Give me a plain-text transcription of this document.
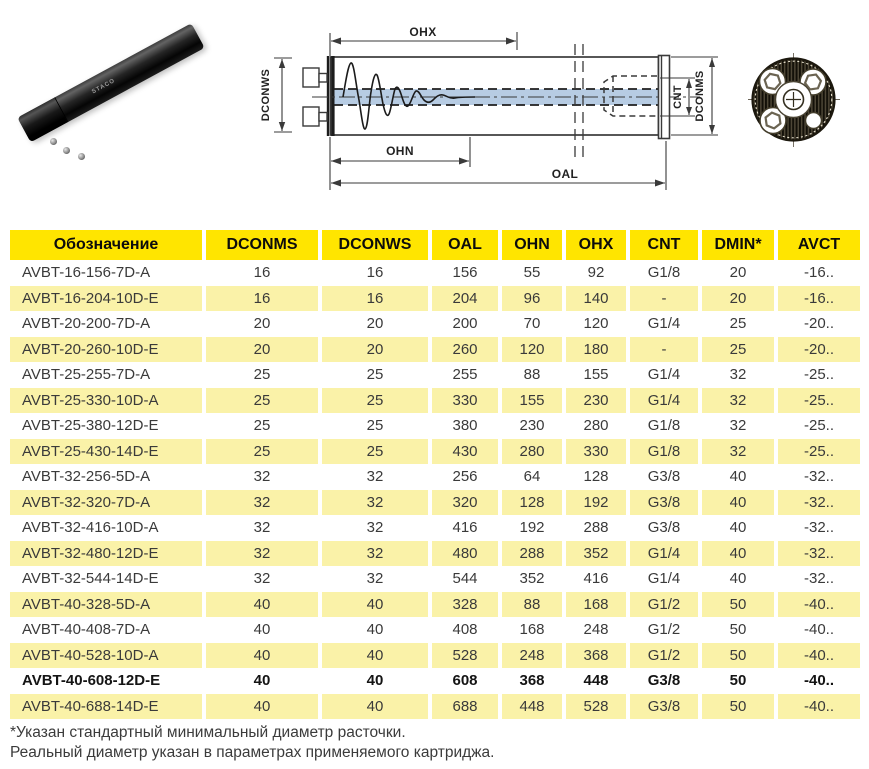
STACO
OHX
OHN
OAL
CNT DCONMS
DCONWS
Обозначение	DCONMS	DCONWS	OAL	OHN	OHX	CNT	DMIN*	AVCT
AVBT-16-156-7D-A	16	16	156	55	92	G1/8	20	-16..
AVBT-16-204-10D-E	16	16	204	96	140	-	20	-16..
AVBT-20-200-7D-A	20	20	200	70	120	G1/4	25	-20..
AVBT-20-260-10D-E	20	20	260	120	180	-	25	-20..
AVBT-25-255-7D-A	25	25	255	88	155	G1/4	32	-25..
AVBT-25-330-10D-A	25	25	330	155	230	G1/4	32	-25..
AVBT-25-380-12D-E	25	25	380	230	280	G1/8	32	-25..
AVBT-25-430-14D-E	25	25	430	280	330	G1/8	32	-25..
AVBT-32-256-5D-A	32	32	256	64	128	G3/8	40	-32..
AVBT-32-320-7D-A	32	32	320	128	192	G3/8	40	-32..
AVBT-32-416-10D-A	32	32	416	192	288	G3/8	40	-32..
AVBT-32-480-12D-E	32	32	480	288	352	G1/4	40	-32..
AVBT-32-544-14D-E	32	32	544	352	416	G1/4	40	-32..
AVBT-40-328-5D-A	40	40	328	88	168	G1/2	50	-40..
AVBT-40-408-7D-A	40	40	408	168	248	G1/2	50	-40..
AVBT-40-528-10D-A	40	40	528	248	368	G1/2	50	-40..
AVBT-40-608-12D-E	40	40	608	368	448	G3/8	50	-40..
AVBT-40-688-14D-E	40	40	688	448	528	G3/8	50	-40..
*Указан стандартный минимальный диаметр расточки.
Реальный диаметр указан в параметрах применяемого картриджа.
